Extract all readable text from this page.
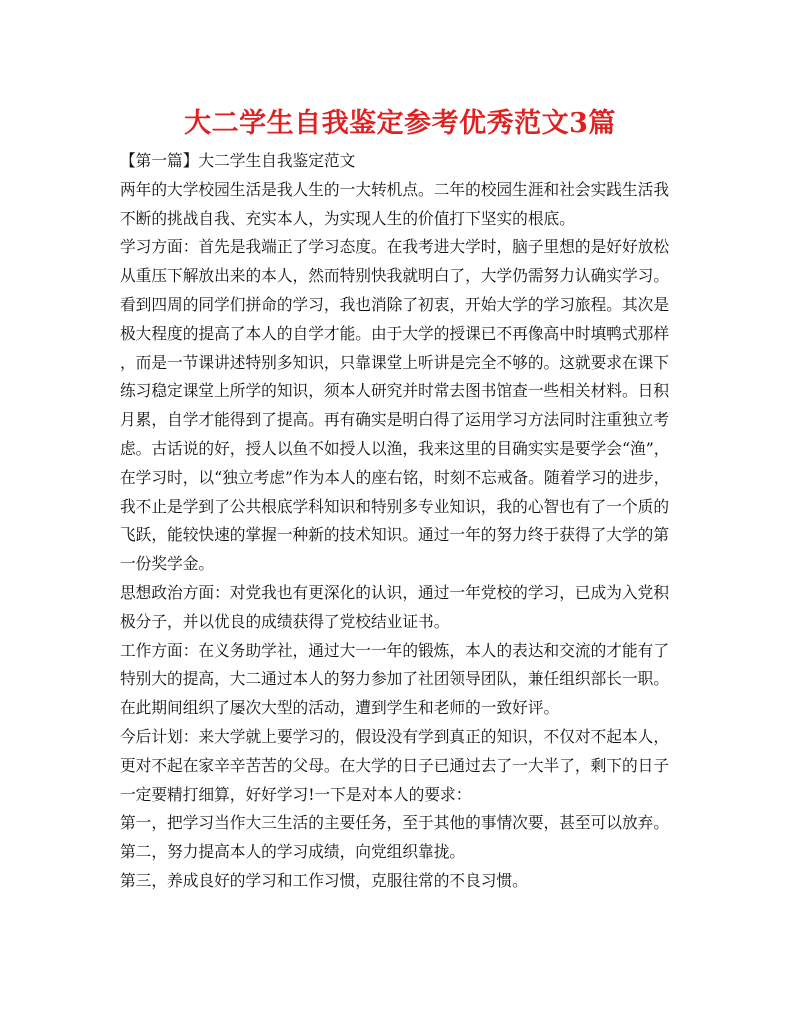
大二学生自我鉴定参考优秀范文3篇
【第一篇】大二学生自我鉴定范文
两年的大学校园生活是我人生的一大转机点。二年的校园生涯和社会实践生活我
不断的挑战自我、充实本人，为实现人生的价值打下坚实的根底。
学习方面：首先是我端正了学习态度。在我考进大学时，脑子里想的是好好放松
从重压下解放出来的本人，然而特别快我就明白了，大学仍需努力认确实学习。
看到四周的同学们拼命的学习，我也消除了初衷，开始大学的学习旅程。其次是
极大程度的提高了本人的自学才能。由于大学的授课已不再像高中时填鸭式那样
，而是一节课讲述特别多知识，只靠课堂上听讲是完全不够的。这就要求在课下
练习稳定课堂上所学的知识，须本人研究并时常去图书馆查一些相关材料。日积
月累，自学才能得到了提高。再有确实是明白得了运用学习方法同时注重独立考
虑。古话说的好，授人以鱼不如授人以渔，我来这里的目确实实是要学会“渔”，
在学习时，以“独立考虑”作为本人的座右铭，时刻不忘戒备。随着学习的进步，
我不止是学到了公共根底学科知识和特别多专业知识，我的心智也有了一个质的
飞跃，能较快速的掌握一种新的技术知识。通过一年的努力终于获得了大学的第
一份奖学金。
思想政治方面：对党我也有更深化的认识，通过一年党校的学习，已成为入党积
极分子，并以优良的成绩获得了党校结业证书。
工作方面：在义务助学社，通过大一一年的锻炼，本人的表达和交流的才能有了
特别大的提高，大二通过本人的努力参加了社团领导团队，兼任组织部长一职。
在此期间组织了屡次大型的活动，遭到学生和老师的一致好评。
今后计划：来大学就上要学习的，假设没有学到真正的知识，不仅对不起本人，
更对不起在家辛辛苦苦的父母。在大学的日子已通过去了一大半了，剩下的日子
一定要精打细算，好好学习!一下是对本人的要求：
第一，把学习当作大三生活的主要任务，至于其他的事情次要，甚至可以放弃。
第二，努力提高本人的学习成绩，向党组织靠拢。
第三，养成良好的学习和工作习惯，克服往常的不良习惯。
